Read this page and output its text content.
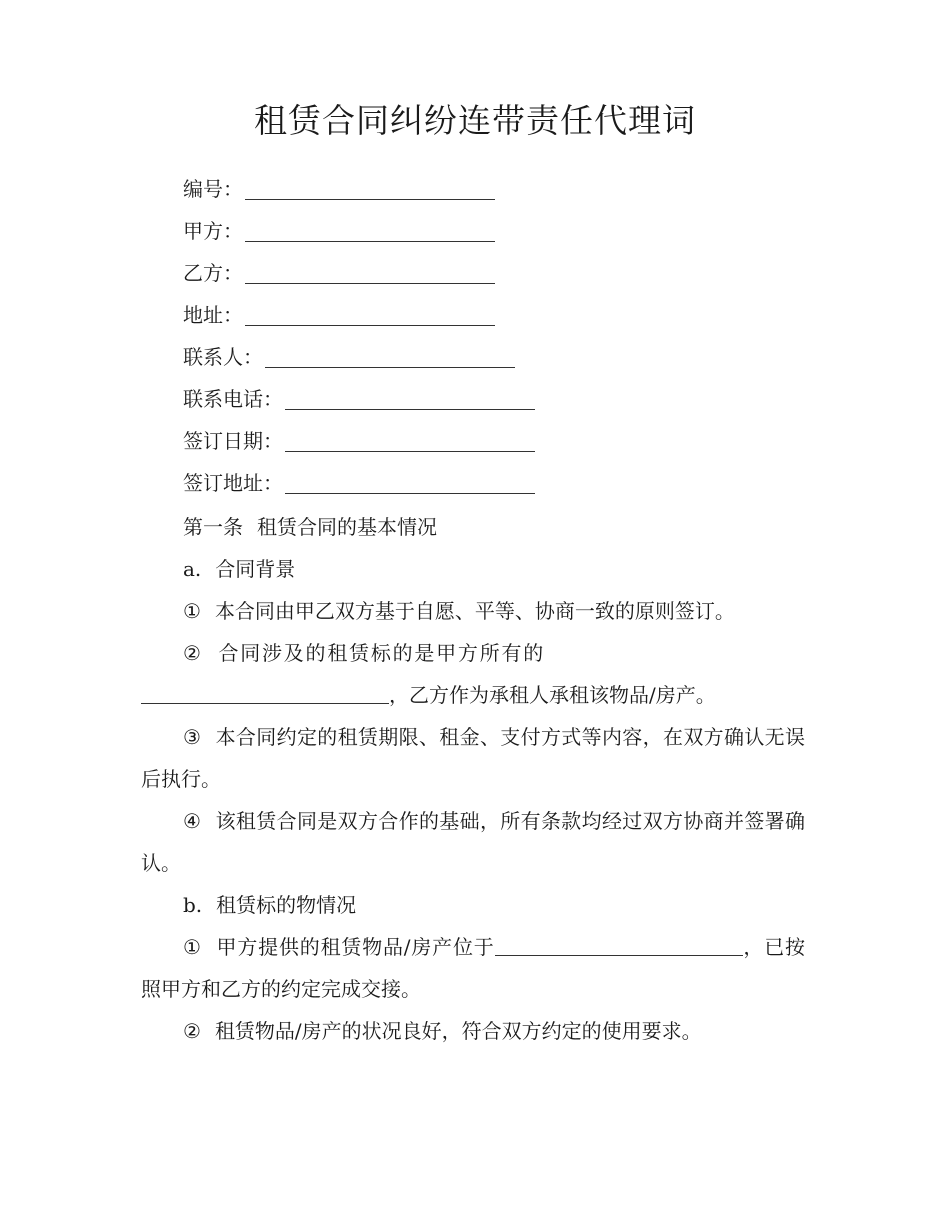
租赁合同纠纷连带责任代理词
编号：
甲方：
乙方：
地址：
联系人：
联系电话：
签订日期：
签订地址：

第一条 租赁合同的基本情况

a. 合同背景

① 本合同由甲乙双方基于自愿、平等、协商一致的原则签订。

② 合同涉及的租赁标的是甲方所有的，乙方作为承租人承租该物品/房产。

③ 本合同约定的租赁期限、租金、支付方式等内容，在双方确认无误后执行。

④ 该租赁合同是双方合作的基础，所有条款均经过双方协商并签署确认。

b. 租赁标的物情况

① 甲方提供的租赁物品/房产位于	，已按照甲方和乙方的约定完成交接。

② 租赁物品/房产的状况良好，符合双方约定的使用要求。
